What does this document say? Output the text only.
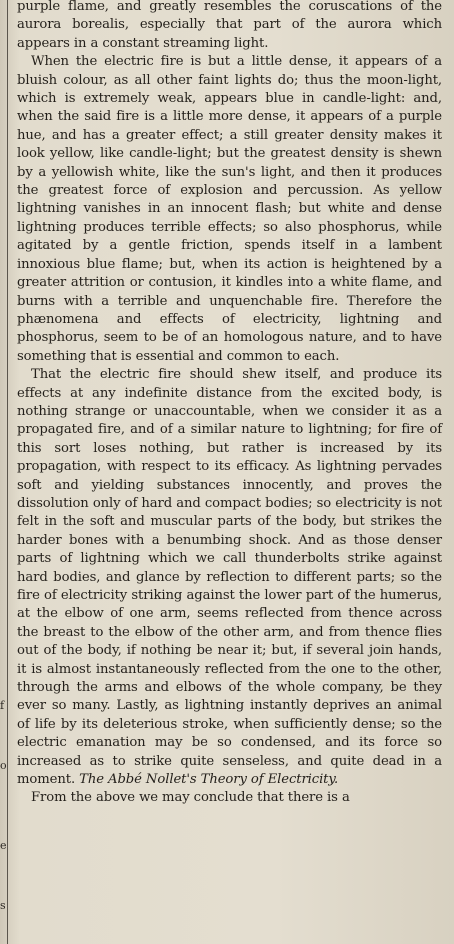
f
o
e
s

purple flame, and greatly resembles the coruscations of the aurora borealis, especially that part of the aurora which appears in a constant streaming light.

When the electric fire is but a little dense, it appears of a bluish colour, as all other faint lights do; thus the moon-light, which is extremely weak, appears blue in candle-light: and, when the said fire is a little more dense, it appears of a purple hue, and has a greater effect; a still greater density makes it look yellow, like candle-light; but the greatest density is shewn by a yellowish white, like the sun's light, and then it produces the greatest force of explosion and percussion. As yellow lightning vanishes in an innocent flash; but white and dense lightning produces terrible effects; so also phosphorus, while agitated by a gentle friction, spends itself in a lambent innoxious blue flame; but, when its action is heightened by a greater attrition or contusion, it kindles into a white flame, and burns with a terrible and unquenchable fire. Therefore the phænomena and effects of electricity, lightning and phosphorus, seem to be of an homologous nature, and to have something that is essential and common to each.

That the electric fire should shew itself, and produce its effects at any indefinite distance from the excited body, is nothing strange or unaccountable, when we consider it as a propagated fire, and of a similar nature to lightning; for fire of this sort loses nothing, but rather is increased by its propagation, with respect to its efficacy. As lightning pervades soft and yielding substances innocently, and proves the dissolution only of hard and compact bodies; so electricity is not felt in the soft and muscular parts of the body, but strikes the harder bones with a benumbing shock. And as those denser parts of lightning which we call thunderbolts strike against hard bodies, and glance by reflection to different parts; so the fire of electricity striking against the lower part of the humerus, at the elbow of one arm, seems reflected from thence across the breast to the elbow of the other arm, and from thence flies out of the body, if nothing be near it; but, if several join hands, it is almost instantaneously reflected from the one to the other, through the arms and elbows of the whole company, be they ever so many. Lastly, as lightning instantly deprives an animal of life by its deleterious stroke, when sufficiently dense; so the electric emanation may be so condensed, and its force so increased as to strike quite senseless, and quite dead in a moment. The Abbé Nollet's Theory of Electricity.

From the above we may conclude that there is a
